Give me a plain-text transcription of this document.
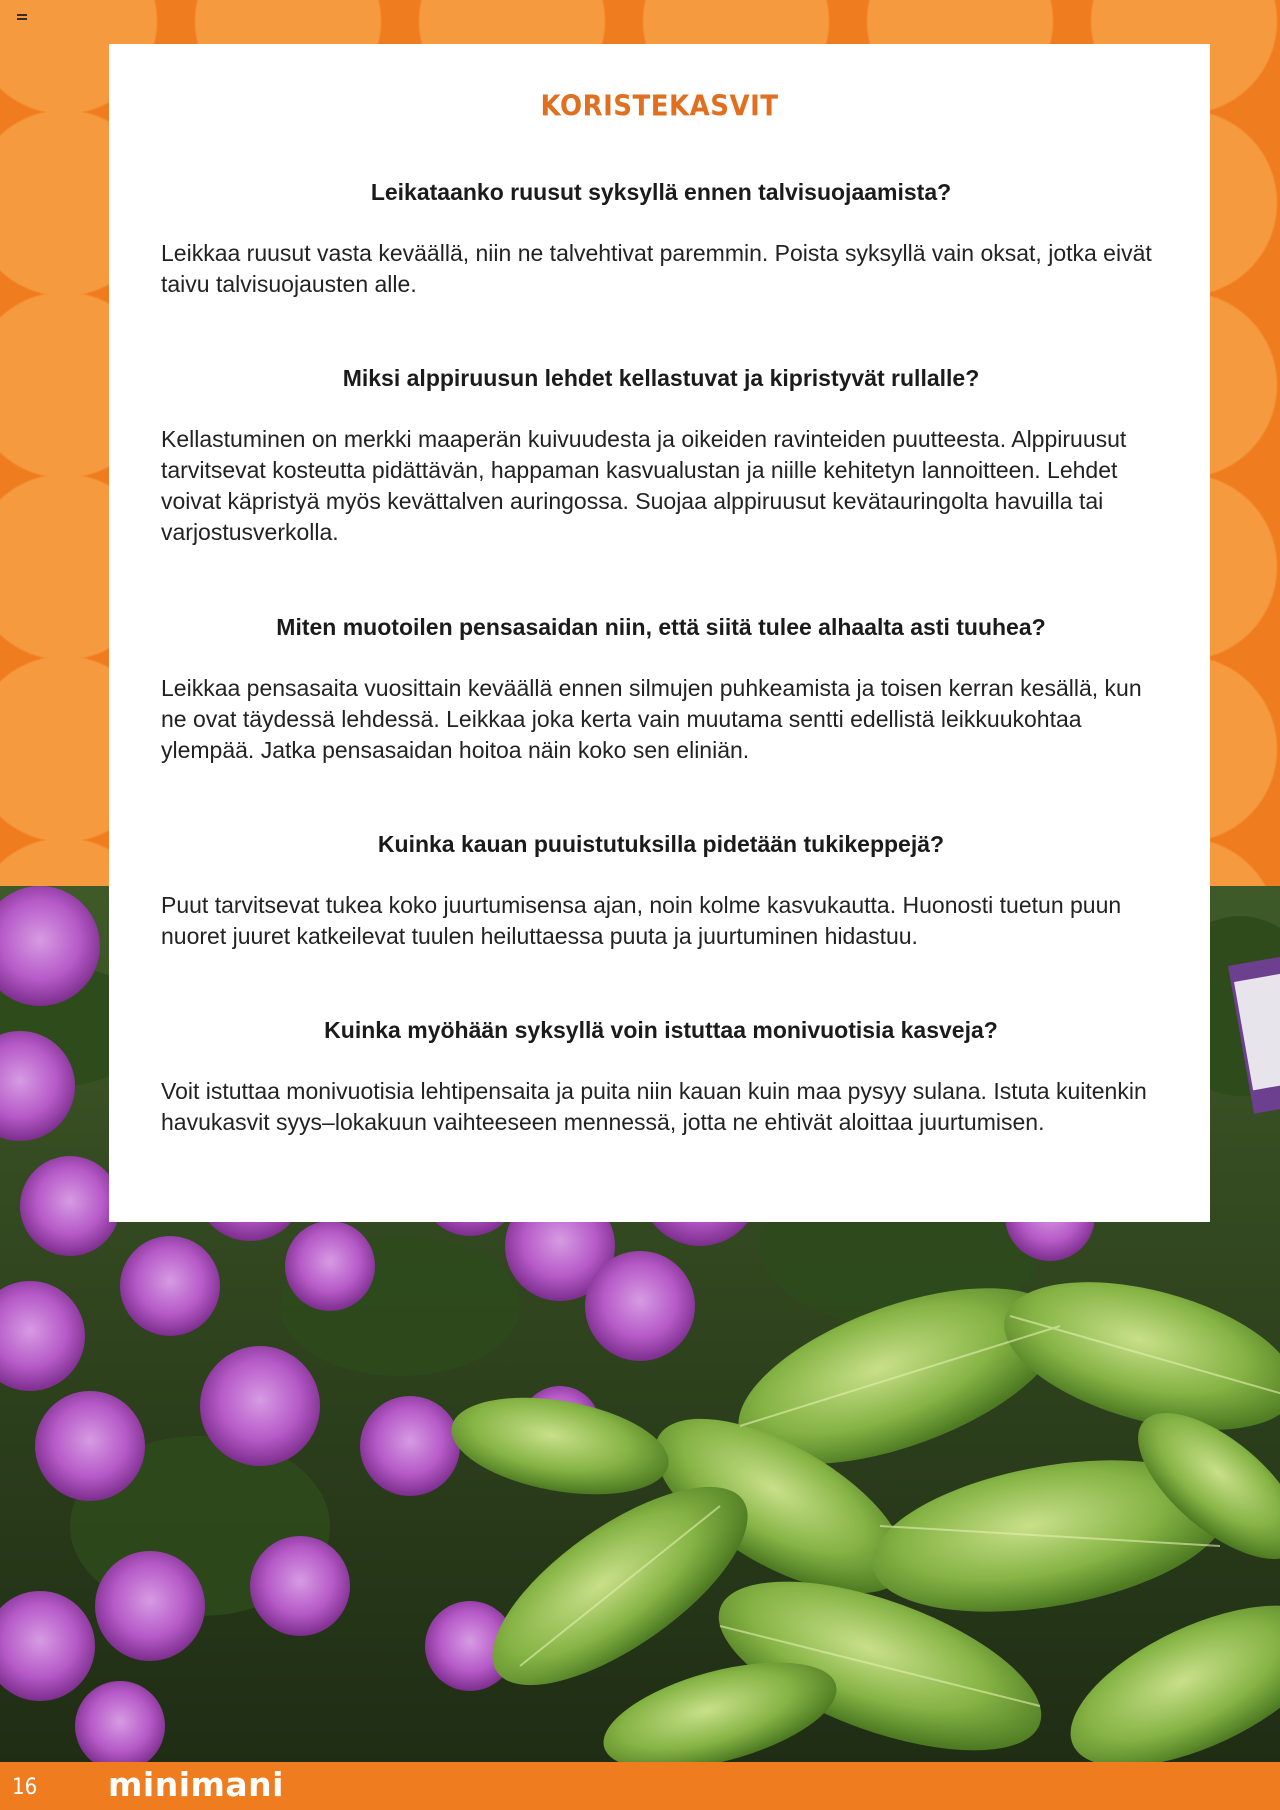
KORISTEKASVIT
Leikataanko ruusut syksyllä ennen talvisuojaamista?
Leikkaa ruusut vasta keväällä, niin ne talvehtivat paremmin. Poista syksyllä vain oksat, jotka eivät taivu talvisuojausten alle.
Miksi alppiruusun lehdet kellastuvat ja kipristyvät rullalle?
Kellastuminen on merkki maaperän kuivuudesta ja oikeiden ravinteiden puutteesta. Alppiruusut tarvitsevat kosteutta pidättävän, happaman kasvualustan ja niille kehitetyn lannoitteen. Lehdet voivat käpristyä myös kevättalven auringossa. Suojaa alppiruusut kevätauringolta havuilla tai varjostusverkolla.
Miten muotoilen pensasaidan niin, että siitä tulee alhaalta asti tuuhea?
Leikkaa pensasaita vuosittain keväällä ennen silmujen puhkeamista ja toisen kerran kesällä, kun ne ovat täydessä lehdessä. Leikkaa joka kerta vain muutama sentti edellistä leikkuukohtaa ylempää. Jatka pensasaidan hoitoa näin koko sen eliniän.
Kuinka kauan puuistutuksilla pidetään tukikeppejä?
Puut tarvitsevat tukea koko juurtumisensa ajan, noin kolme kasvukautta. Huonosti tuetun puun nuoret juuret katkeilevat tuulen heiluttaessa puuta ja juurtuminen hidastuu.
Kuinka myöhään syksyllä voin istuttaa monivuotisia kasveja?
Voit istuttaa monivuotisia lehtipensaita ja puita niin kauan kuin maa pysyy sulana. Istuta kuitenkin havukasvit syys–lokakuun vaihteeseen mennessä, jotta ne ehtivät aloittaa juurtumisen.
16 minimani
